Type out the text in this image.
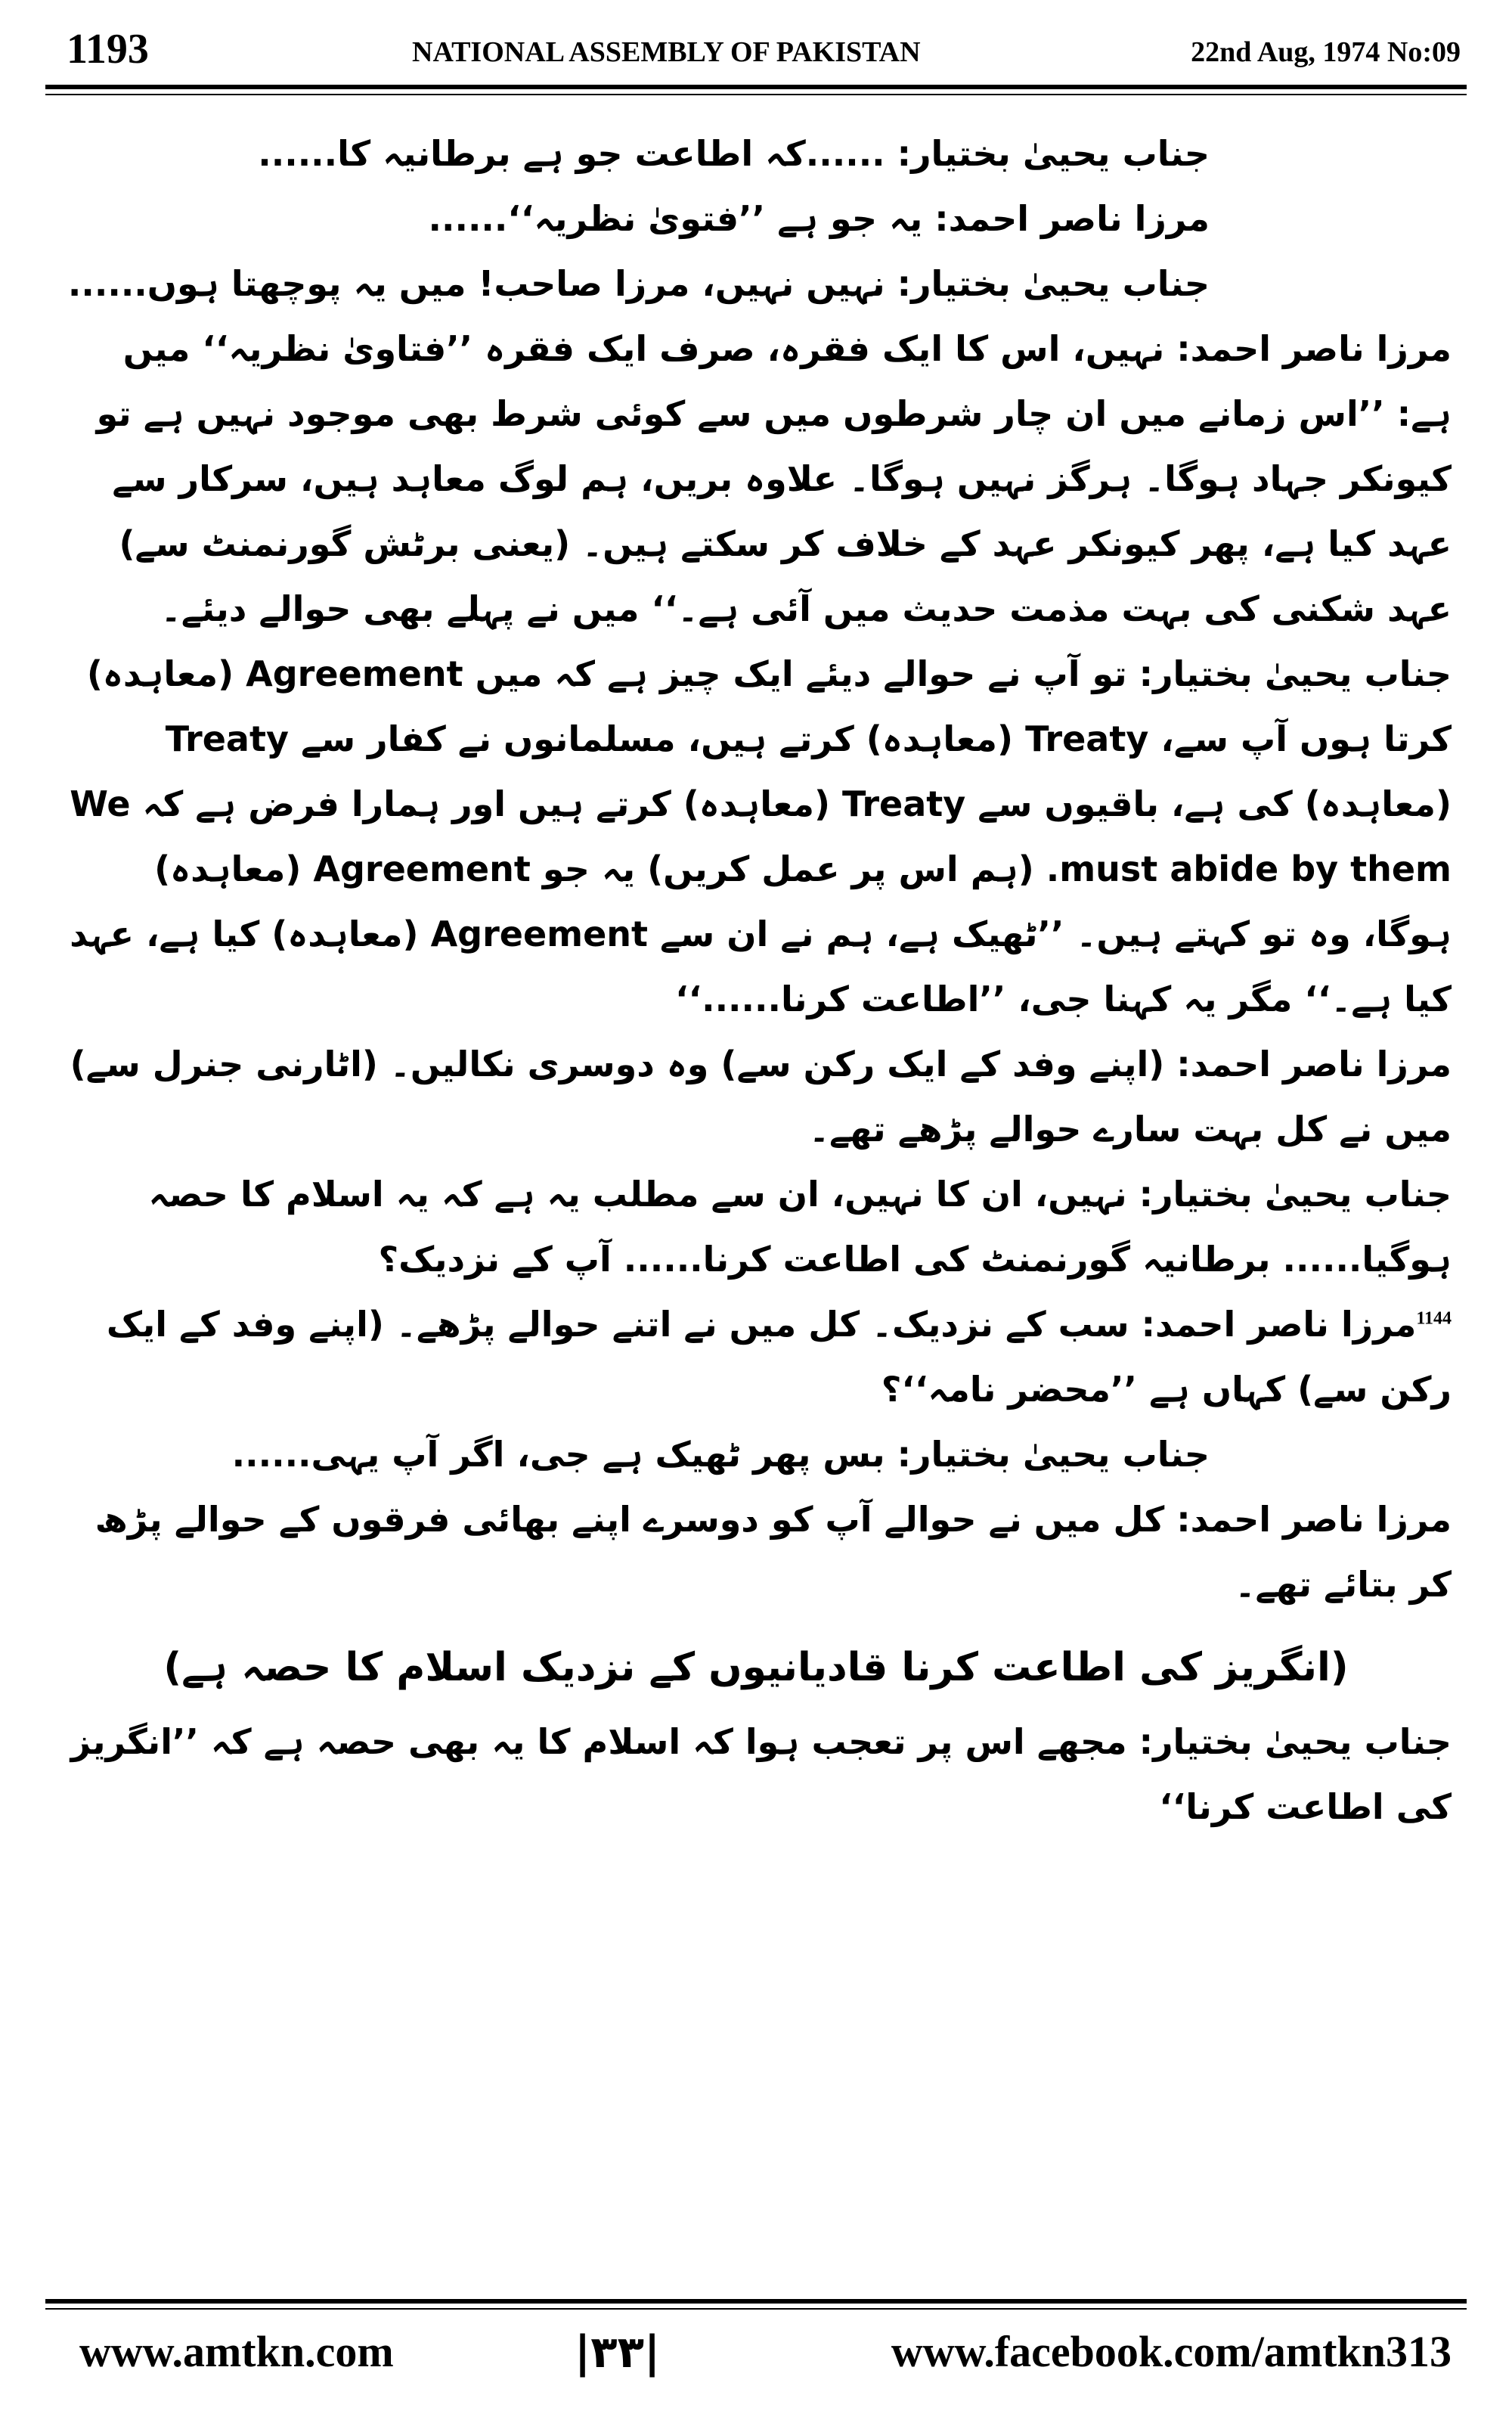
1193	NATIONAL ASSEMBLY OF PAKISTAN	22nd Aug, 1974 No:09

جناب یحییٰ بختیار: ......کہ اطاعت جو ہے برطانیہ کا......

مرزا ناصر احمد: یہ جو ہے ’’فتویٰ نظریہ‘‘......

جناب یحییٰ بختیار: نہیں نہیں، مرزا صاحب! میں یہ پوچھتا ہوں......

مرزا ناصر احمد: نہیں، اس کا ایک فقرہ، صرف ایک فقرہ ’’فتاویٰ نظریہ‘‘ میں ہے: ’’اس زمانے میں ان چار شرطوں میں سے کوئی شرط بھی موجود نہیں ہے تو کیونکر جہاد ہوگا۔ ہرگز نہیں ہوگا۔ علاوہ بریں، ہم لوگ معاہد ہیں، سرکار سے عہد کیا ہے، پھر کیونکر عہد کے خلاف کر سکتے ہیں۔ (یعنی برٹش گورنمنٹ سے) عہد شکنی کی بہت مذمت حدیث میں آئی ہے۔‘‘ میں نے پہلے بھی حوالے دیئے۔

جناب یحییٰ بختیار: تو آپ نے حوالے دیئے ایک چیز ہے کہ میں Agreement (معاہدہ) کرتا ہوں آپ سے، Treaty (معاہدہ) کرتے ہیں، مسلمانوں نے کفار سے Treaty (معاہدہ) کی ہے، باقیوں سے Treaty (معاہدہ) کرتے ہیں اور ہمارا فرض ہے کہ We must abide by them. (ہم اس پر عمل کریں) یہ جو Agreement (معاہدہ) ہوگا، وہ تو کہتے ہیں۔ ’’ٹھیک ہے، ہم نے ان سے Agreement (معاہدہ) کیا ہے، عہد کیا ہے۔‘‘ مگر یہ کہنا جی، ’’اطاعت کرنا......‘‘

مرزا ناصر احمد: (اپنے وفد کے ایک رکن سے) وہ دوسری نکالیں۔ (اٹارنی جنرل سے) میں نے کل بہت سارے حوالے پڑھے تھے۔

جناب یحییٰ بختیار: نہیں، ان کا نہیں، ان سے مطلب یہ ہے کہ یہ اسلام کا حصہ ہوگیا...... برطانیہ گورنمنٹ کی اطاعت کرنا...... آپ کے نزدیک؟

$^{1144}$مرزا ناصر احمد: سب کے نزدیک۔ کل میں نے اتنے حوالے پڑھے۔ (اپنے وفد کے ایک رکن سے) کہاں ہے ’’محضر نامہ‘‘؟

جناب یحییٰ بختیار: بس پھر ٹھیک ہے جی، اگر آپ یہی......

مرزا ناصر احمد: کل میں نے حوالے آپ کو دوسرے اپنے بھائی فرقوں کے حوالے پڑھ کر بتائے تھے۔

(انگریز کی اطاعت کرنا قادیانیوں کے نزدیک اسلام کا حصہ ہے)

جناب یحییٰ بختیار: مجھے اس پر تعجب ہوا کہ اسلام کا یہ بھی حصہ ہے کہ ’’انگریز کی اطاعت کرنا‘‘

www.amtkn.com	|٣٣|	www.facebook.com/amtkn313
